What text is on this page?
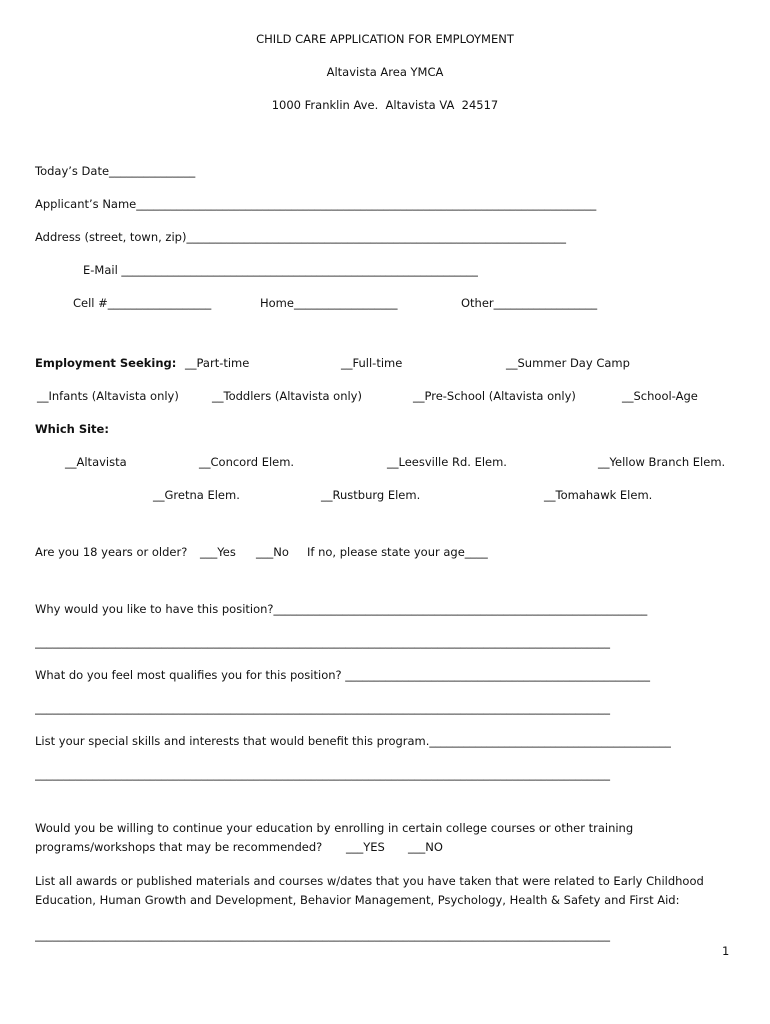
CHILD CARE APPLICATION FOR EMPLOYMENT
Altavista Area YMCA
1000 Franklin Ave.  Altavista VA  24517
Today’s Date_______________
Applicant’s Name________________________________________________________________________________
Address (street, town, zip)__________________________________________________________________
E-Mail ______________________________________________________________
Cell #__________________	Home__________________	Other__________________
Employment Seeking: __Part-time	__Full-time	__Summer Day Camp
__Infants (Altavista only)	__Toddlers (Altavista only)	__Pre-School (Altavista only)	__School-Age
Which Site:
__Altavista	__Concord Elem.	__Leesville Rd. Elem.	__Yellow Branch Elem.
__Gretna Elem.	__Rustburg Elem.	__Tomahawk Elem.
Are you 18 years or older? ___Yes ___No If no, please state your age____
Why would you like to have this position?_________________________________________________________________
____________________________________________________________________________________________________
What do you feel most qualifies you for this position? _____________________________________________________
____________________________________________________________________________________________________
List your special skills and interests that would benefit this program.__________________________________________
____________________________________________________________________________________________________
Would you be willing to continue your education by enrolling in certain college courses or other training
programs/workshops that may be recommended? ___YES ___NO
List all awards or published materials and courses w/dates that you have taken that were related to Early Childhood
Education, Human Growth and Development, Behavior Management, Psychology, Health & Safety and First Aid:
____________________________________________________________________________________________________
1
